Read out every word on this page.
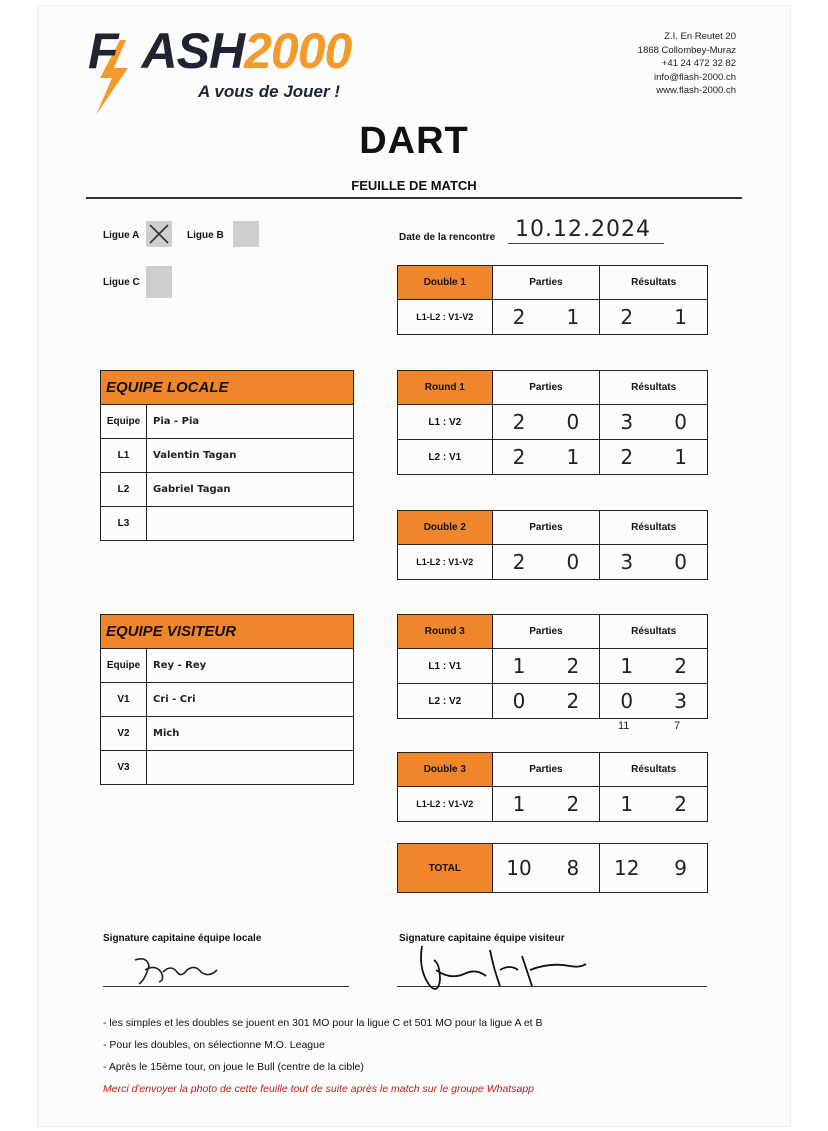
F ASH2000
A vous de Jouer !
Z.I. En Reutet 20
1868 Collombey-Muraz
+41 24 472 32 82
info@flash-2000.ch
www.flash-2000.ch
DART
FEUILLE DE MATCH
Ligue A	Ligue B
Ligue C
Date de la rencontre 10.12.2024
Double 1	Parties	Résultats
L1-L2 : V1-V2	2 1	2 1
Round 1	Parties	Résultats
L1 : V2	2 0	3 0

L2 : V1	2 1	2 1
Double 2	Parties	Résultats
L1-L2 : V1-V2	2 0	3 0
Round 3	Parties	Résultats
L1 : V1	1 2	1 2

L2 : V2	0 2	0 3
11	7
Double 3	Parties	Résultats
L1-L2 : V1-V2	1 2	1 2
TOTAL	10	8	12	9
EQUIPE LOCALE	
Equipe	Pia - Pia
L1	Valentin Tagan
L2	Gabriel Tagan
L3	
EQUIPE VISITEUR	
Equipe	Rey - Rey
V1	Cri - Cri
V2	Mich
V3	
Signature capitaine équipe locale	Signature capitaine équipe visiteur
- les simples et les doubles se jouent en 301 MO pour la ligue C et 501 MO pour la ligue A et B
- Pour les doubles, on sélectionne M.O. League
- Après le 15ème tour, on joue le Bull (centre de la cible)
Merci d'envoyer la photo de cette feuille tout de suite après le match sur le groupe Whatsapp
